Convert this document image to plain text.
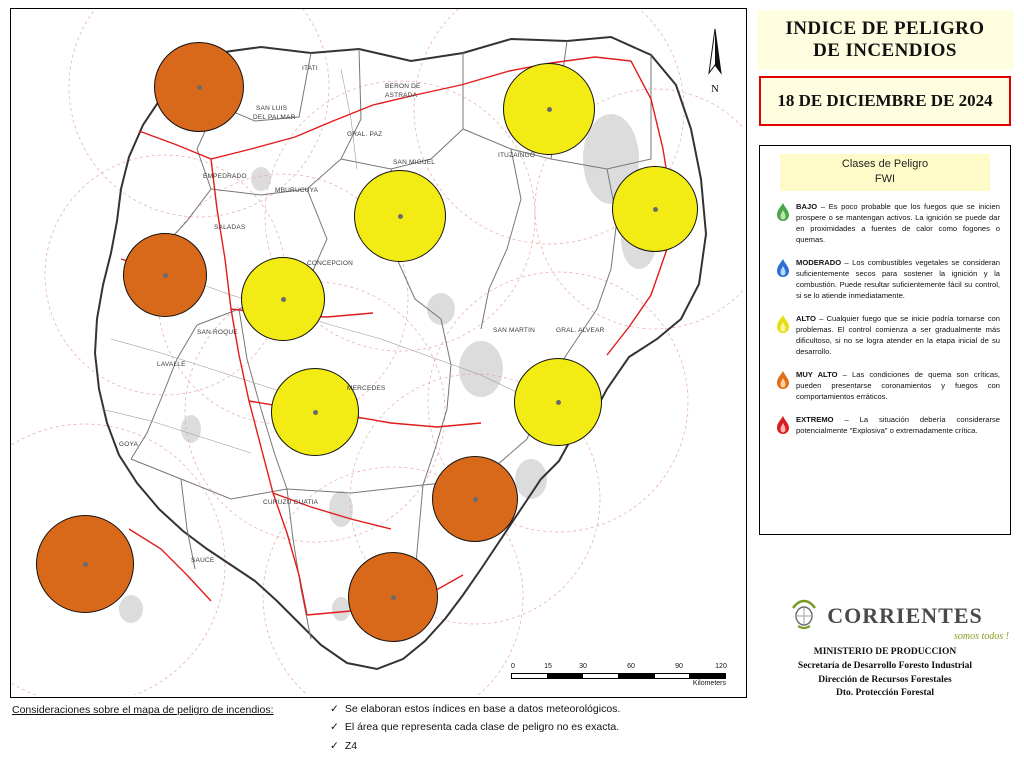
ITATI
BERON DE
ASTRADA
SAN LUIS
DEL PALMAR
GRAL. PAZ
SAN MIGUEL
ITUZAINGO
EMPEDRADO
MBURUCUYA
SALADAS
CONCEPCION
SAN ROQUE	SAN MARTIN	GRAL. ALVEAR
LAVALLE
MERCEDES
GOYA
CURUZU CUATIA
SAUCE
N
0	15	30	60	90	120
Kilometers
INDICE DE PELIGRO
DE INCENDIOS
18 DE DICIEMBRE DE 2024
Clases de Peligro
FWI
BAJO – Es poco probable que los fuegos que se inicien prospere o se mantengan activos. La ignición se puede dar en proximidades a fuentes de calor como fogones o quemas.
MODERADO – Los combustibles vegetales se consideran suficientemente secos para sostener la ignición y la combustión. Puede resultar suficientemente fácil su control, si se lo atiende inmediatamente.
ALTO – Cualquier fuego que se inicie podría tornarse con problemas. El control comienza a ser gradualmente más dificultoso, si no se logra atender en la etapa inicial de su desarrollo.
MUY ALTO – Las condiciones de quema son críticas, pueden presentarse coronamientos y fuegos con comportamientos erráticos.
EXTREMO – La situación debería considerarse potencialmente "Explosiva" o extremadamente crítica.
CORRIENTES
somos todos !
MINISTERIO DE PRODUCCION
Secretaría de Desarrollo Foresto Industrial
Dirección de Recursos Forestales
Dto. Protección Forestal
Consideraciones sobre el mapa de peligro de incendios:	✓ Se elaboran estos índices en base a datos meteorológicos.
✓ El área que representa cada clase de peligro no es exacta.
✓ Z4
